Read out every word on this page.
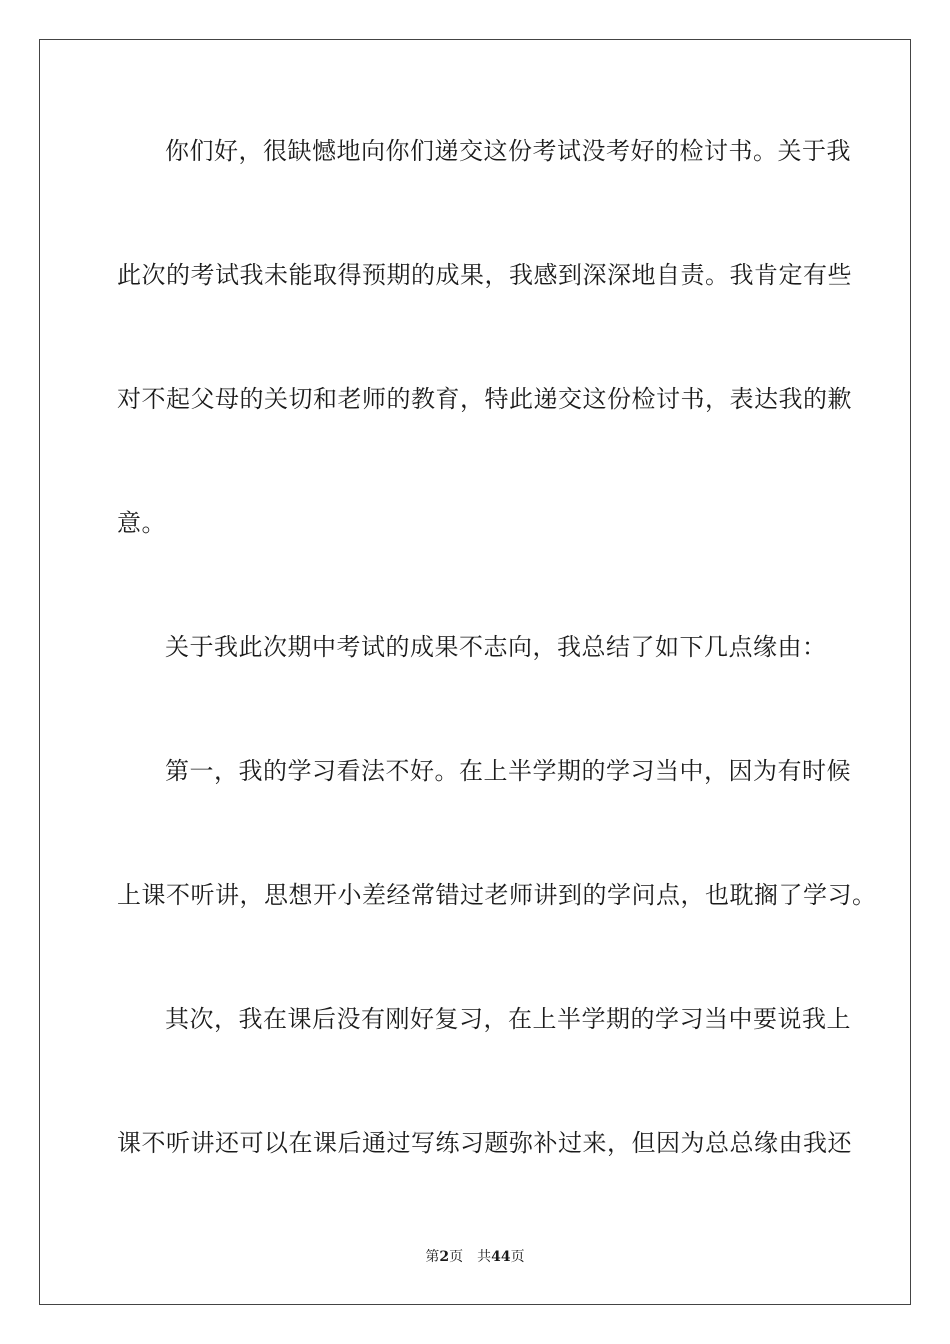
你们好，很缺憾地向你们递交这份考试没考好的检讨书。关于我
此次的考试我未能取得预期的成果，我感到深深地自责。我肯定有些
对不起父母的关切和老师的教育，特此递交这份检讨书，表达我的歉
意。
关于我此次期中考试的成果不志向，我总结了如下几点缘由：
第一，我的学习看法不好。在上半学期的学习当中，因为有时候
上课不听讲，思想开小差经常错过老师讲到的学问点，也耽搁了学习。
其次，我在课后没有刚好复习，在上半学期的学习当中要说我上
课不听讲还可以在课后通过写练习题弥补过来，但因为总总缘由我还
第2页 共44页
